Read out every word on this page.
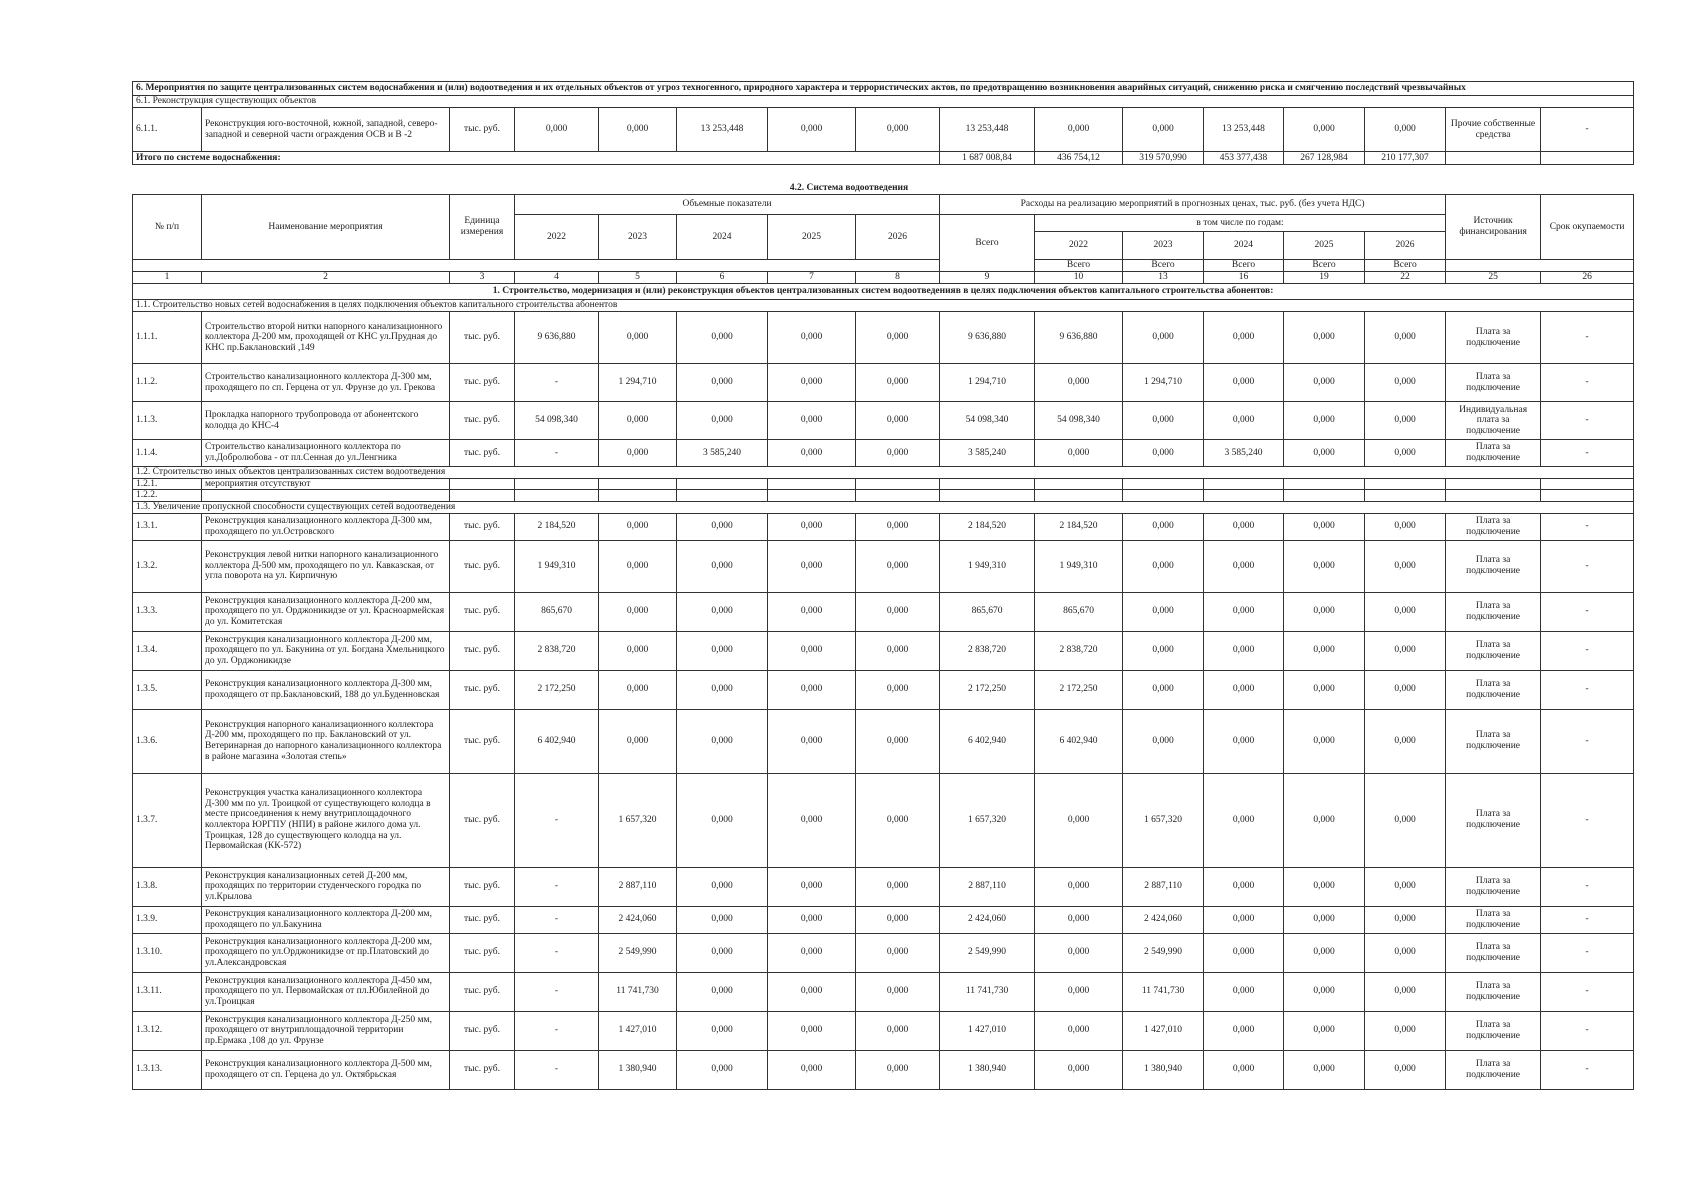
6. Мероприятия по защите централизованных систем водоснабжения и (или) водоотведения и их отдельных объектов от угроз техногенного, природного характера и террористических актов, по предотвращению возникновения аварийных ситуаций, снижению риска и смягчению последствий чрезвычайных															
6.1. Реконструкция существующих объектов															
6.1.1.	Реконструкция юго-восточной, южной, западной, северо-западной и северной части ограждения ОСВ и В -2	тыс. руб.	0,000	0,000	13 253,448	0,000	0,000	13 253,448	0,000	0,000	13 253,448	0,000	0,000	Прочие собственные средства	-
Итого по системе водоснабжения:								1 687 008,84	436 754,12	319 570,990	453 377,438	267 128,984	210 177,307		
4.2. Система водоотведения
№ п/п	Наименование мероприятия	Единица измерения	Объемные показатели					Расходы на реализацию мероприятий в прогнозных ценах, тыс. руб. (без учета НДС)						Источник финансирования	Срок окупаемости
			2022	2023	2024	2025	2026	Всего	в том числе по годам:						
									2022	2023	2024	2025	2026		
									Всего	Всего	Всего	Всего	Всего		
1	2	3	4	5	6	7	8	9	10	13	16	19	22	25	26
1. Строительство, модернизация и (или) реконструкция объектов централизованных систем водоотведенияв в целях подключения объектов капитального строительства абонентов:															
1.1. Строительство новых сетей водоснабжения в целях подключения объектов капитального строительства абонентов															
1.1.1.	Строительство второй нитки напорного канализационного коллектора Д-200 мм, проходящей от КНС ул.Прудная до КНС пр.Баклановский ,149	тыс. руб.	9 636,880	0,000	0,000	0,000	0,000	9 636,880	9 636,880	0,000	0,000	0,000	0,000	Плата за подключение	-
1.1.2.	Строительство канализационного коллектора Д-300 мм, проходящего по сп. Герцена от ул. Фрунзе до ул. Грекова	тыс. руб.	-	1 294,710	0,000	0,000	0,000	1 294,710	0,000	1 294,710	0,000	0,000	0,000	Плата за подключение	-
1.1.3.	Прокладка напорного трубопровода от абонентского колодца до КНС-4	тыс. руб.	54 098,340	0,000	0,000	0,000	0,000	54 098,340	54 098,340	0,000	0,000	0,000	0,000	Индивидуальная плата за подключение	-
1.1.4.	Строительство канализационного коллектора по ул.Добролюбова - от пл.Сенная до ул.Ленгника	тыс. руб.	-	0,000	3 585,240	0,000	0,000	3 585,240	0,000	0,000	3 585,240	0,000	0,000	Плата за подключение	-
1.2. Строительство иных объектов централизованных систем водоотведения															
1.2.1.	мероприятия отсутствуют														
1.2.2.															
1.3. Увеличение пропускной способности существующих сетей водоотведения															
1.3.1.	Реконструкция канализационного коллектора Д-300 мм, проходящего по ул.Островского	тыс. руб.	2 184,520	0,000	0,000	0,000	0,000	2 184,520	2 184,520	0,000	0,000	0,000	0,000	Плата за подключение	-
1.3.2.	Реконструкция левой нитки напорного канализационного коллектора Д-500 мм, проходящего по ул. Кавказская, от угла поворота на ул. Кирпичную	тыс. руб.	1 949,310	0,000	0,000	0,000	0,000	1 949,310	1 949,310	0,000	0,000	0,000	0,000	Плата за подключение	-
1.3.3.	Реконструкция канализационного коллектора Д-200 мм, проходящего по ул. Орджоникидзе от ул. Красноармейская до ул. Комитетская	тыс. руб.	865,670	0,000	0,000	0,000	0,000	865,670	865,670	0,000	0,000	0,000	0,000	Плата за подключение	-
1.3.4.	Реконструкция канализационного коллектора Д-200 мм, проходящего по ул. Бакунина от ул. Богдана Хмельницкого до ул. Орджоникидзе	тыс. руб.	2 838,720	0,000	0,000	0,000	0,000	2 838,720	2 838,720	0,000	0,000	0,000	0,000	Плата за подключение	-
1.3.5.	Реконструкция канализационного коллектора Д-300 мм, проходящего от пр.Баклановский, 188 до ул.Буденновская	тыс. руб.	2 172,250	0,000	0,000	0,000	0,000	2 172,250	2 172,250	0,000	0,000	0,000	0,000	Плата за подключение	-
1.3.6.	Реконструкция напорного канализационного коллектора Д-200 мм, проходящего по пр. Баклановский от ул. Ветеринарная до напорного канализационного коллектора в районе магазина «Золотая степь»	тыс. руб.	6 402,940	0,000	0,000	0,000	0,000	6 402,940	6 402,940	0,000	0,000	0,000	0,000	Плата за подключение	-
1.3.7.	Реконструкция участка канализационного коллектора Д-300 мм по ул. Троицкой от существующего колодца в месте присоединения к нему внутриплощадочного коллектора ЮРГПУ (НПИ) в районе жилого дома ул. Троицкая, 128 до существующего колодца на ул. Первомайская (КК-572)	тыс. руб.	-	1 657,320	0,000	0,000	0,000	1 657,320	0,000	1 657,320	0,000	0,000	0,000	Плата за подключение	-
1.3.8.	Реконструкция канализационных сетей Д-200 мм, проходящих по территории студенческого городка по ул.Крылова	тыс. руб.	-	2 887,110	0,000	0,000	0,000	2 887,110	0,000	2 887,110	0,000	0,000	0,000	Плата за подключение	-
1.3.9.	Реконструкция канализационного коллектора Д-200 мм, проходящего по ул.Бакунина	тыс. руб.	-	2 424,060	0,000	0,000	0,000	2 424,060	0,000	2 424,060	0,000	0,000	0,000	Плата за подключение	-
1.3.10.	Реконструкция канализационного коллектора Д-200 мм, проходящего по ул.Орджоникидзе от пр.Платовский до ул.Александровская	тыс. руб.	-	2 549,990	0,000	0,000	0,000	2 549,990	0,000	2 549,990	0,000	0,000	0,000	Плата за подключение	-
1.3.11.	Реконструкция канализационного коллектора Д-450 мм, проходящего по ул. Первомайская от пл.Юбилейной до ул.Троицкая	тыс. руб.	-	11 741,730	0,000	0,000	0,000	11 741,730	0,000	11 741,730	0,000	0,000	0,000	Плата за подключение	-
1.3.12.	Реконструкция канализационного коллектора Д-250 мм, проходящего от внутриплощадочной территории пр.Ермака ,108 до ул. Фрунзе	тыс. руб.	-	1 427,010	0,000	0,000	0,000	1 427,010	0,000	1 427,010	0,000	0,000	0,000	Плата за подключение	-
1.3.13.	Реконструкция канализационного коллектора Д-500 мм, проходящего от сп. Герцена до ул. Октябрьская	тыс. руб.	-	1 380,940	0,000	0,000	0,000	1 380,940	0,000	1 380,940	0,000	0,000	0,000	Плата за подключение	-
